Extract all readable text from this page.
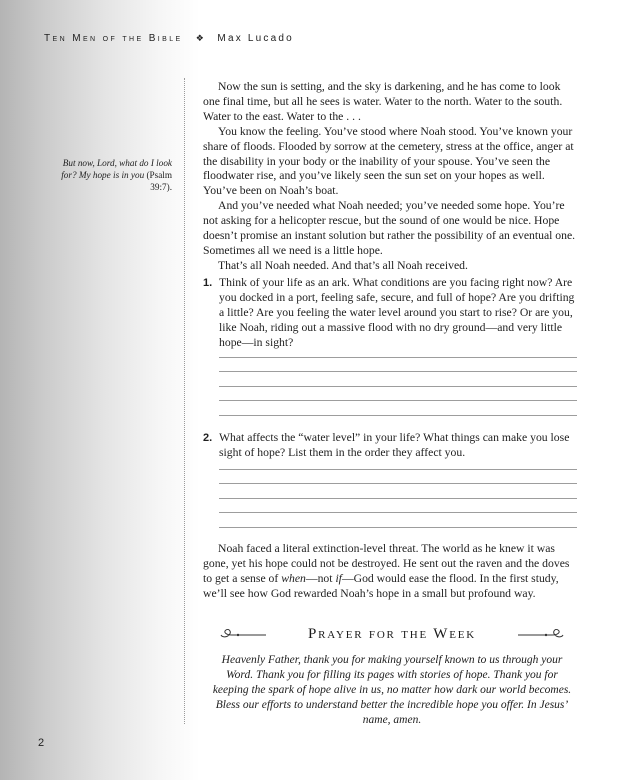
Ten Men of the Bible ❖ Max Lucado
But now, Lord, what do I look for? My hope is in you (Psalm 39:7).

Now the sun is setting, and the sky is darkening, and he has come to look one final time, but all he sees is water. Water to the north. Water to the south. Water to the east. Water to the . . .

You know the feeling. You’ve stood where Noah stood. You’ve known your share of floods. Flooded by sorrow at the cemetery, stress at the office, anger at the disability in your body or the inability of your spouse. You’ve seen the floodwater rise, and you’ve likely seen the sun set on your hopes as well. You’ve been on Noah’s boat.

And you’ve needed what Noah needed; you’ve needed some hope. You’re not asking for a helicopter rescue, but the sound of one would be nice. Hope doesn’t promise an instant solution but rather the possibility of an eventual one. Sometimes all we need is a little hope.

That’s all Noah needed. And that’s all Noah received.

1. Think of your life as an ark. What conditions are you facing right now? Are you docked in a port, feeling safe, secure, and full of hope? Are you drifting a little? Are you feeling the water level around you start to rise? Or are you, like Noah, riding out a massive flood with no dry ground—and very little hope—in sight?
2. What affects the “water level” in your life? What things can make you lose sight of hope? List them in the order they affect you.
Noah faced a literal extinction-level threat. The world as he knew it was gone, yet his hope could not be destroyed. He sent out the raven and the doves to get a sense of when—not if—God would ease the flood. In the first study, we’ll see how God rewarded Noah’s hope in a small but profound way.
Prayer for the Week
Heavenly Father, thank you for making yourself known to us through your Word. Thank you for filling its pages with stories of hope. Thank you for keeping the spark of hope alive in us, no matter how dark our world becomes. Bless our efforts to understand better the incredible hope you offer. In Jesus’ name, amen.
2
